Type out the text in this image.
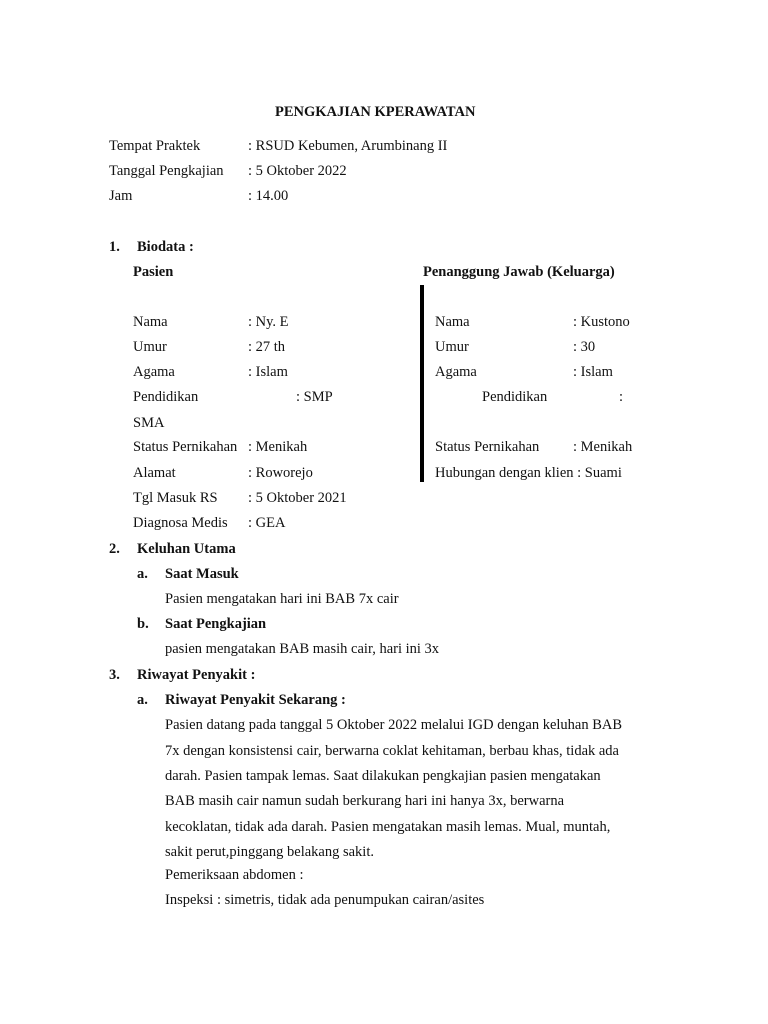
PENGKAJIAN KPERAWATAN
Tempat Praktek	: RSUD Kebumen, Arumbinang II
Tanggal Pengkajian : 5 Oktober 2022
Jam	: 14.00
1. Biodata :
Pasien	Penanggung Jawab (Keluarga)
Nama	: Ny. E
Umur	: 27 th
Agama	: Islam
Pendidikan	: SMP
SMA
Status Pernikahan : Menikah
Alamat	: Roworejo
Tgl Masuk RS : 5 Oktober 2021
Diagnosa Medis : GEA
Nama	: Kustono
Umur	: 30
Agama	: Islam
Pendidikan	:
Status Pernikahan : Menikah
Hubungan dengan klien : Suami
2. Keluhan Utama
a. Saat Masuk
Pasien mengatakan hari ini BAB 7x cair
b. Saat Pengkajian
pasien mengatakan BAB masih cair, hari ini 3x
3. Riwayat Penyakit :
a. Riwayat Penyakit Sekarang :
Pasien datang pada tanggal 5 Oktober 2022 melalui IGD dengan keluhan BAB
7x dengan konsistensi cair, berwarna coklat kehitaman, berbau khas, tidak ada
darah. Pasien tampak lemas. Saat dilakukan pengkajian pasien mengatakan
BAB masih cair namun sudah berkurang hari ini hanya 3x, berwarna
kecoklatan, tidak ada darah. Pasien mengatakan masih lemas. Mual, muntah,
sakit perut,pinggang belakang sakit.
Pemeriksaan abdomen :
Inspeksi : simetris, tidak ada penumpukan cairan/asites
